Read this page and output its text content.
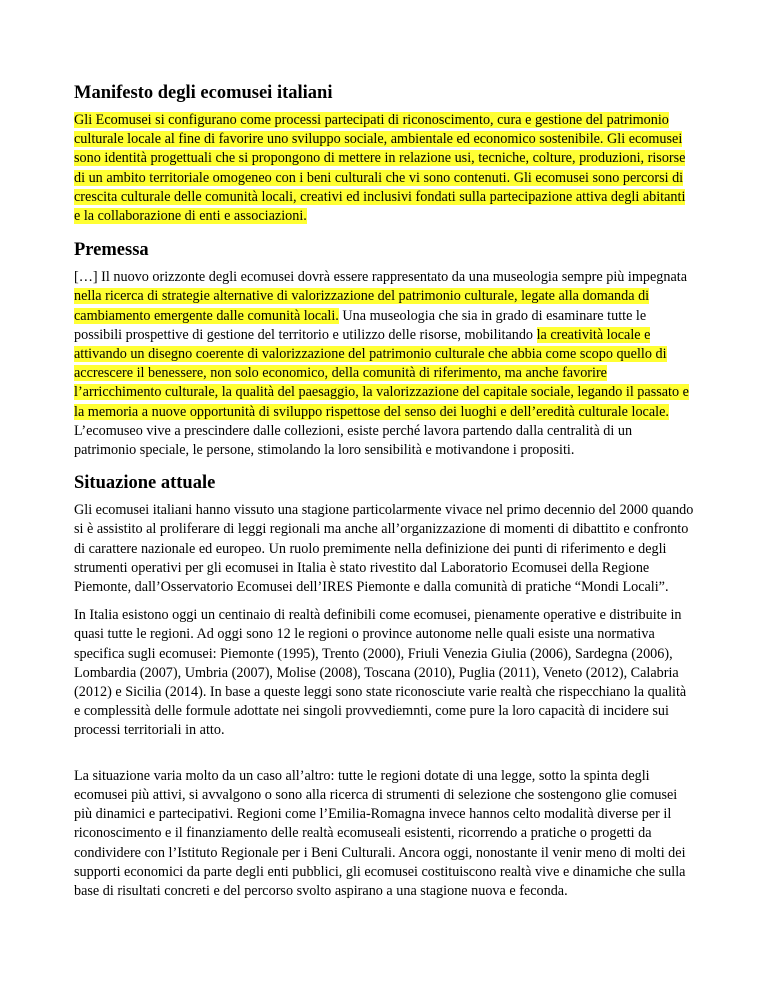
Manifesto degli ecomusei italiani

Gli Ecomusei si configurano come processi partecipati di riconoscimento, cura e gestione del patrimonio culturale locale al fine di favorire uno sviluppo sociale, ambientale ed economico sostenibile. Gli ecomusei sono identità progettuali che si propongono di mettere in relazione usi, tecniche, colture, produzioni, risorse di un ambito territoriale omogeneo con i beni culturali che vi sono contenuti. Gli ecomusei sono percorsi di crescita culturale delle comunità locali, creativi ed inclusivi fondati sulla partecipazione attiva degli abitanti e la collaborazione di enti e associazioni.

Premessa

[…] Il nuovo orizzonte degli ecomusei dovrà essere rappresentato da una museologia sempre più impegnata nella ricerca di strategie alternative di valorizzazione del patrimonio culturale, legate alla domanda di cambiamento emergente dalle comunità locali. Una museologia che sia in grado di esaminare tutte le possibili prospettive di gestione del territorio e utilizzo delle risorse, mobilitando la creatività locale e attivando un disegno coerente di valorizzazione del patrimonio culturale che abbia come scopo quello di accrescere il benessere, non solo economico, della comunità di riferimento, ma anche favorire l’arricchimento culturale, la qualità del paesaggio, la valorizzazione del capitale sociale, legando il passato e la memoria a nuove opportunità di sviluppo rispettose del senso dei luoghi e dell’eredità culturale locale. L’ecomuseo vive a prescindere dalle collezioni, esiste perché lavora partendo dalla centralità di un patrimonio speciale, le persone, stimolando la loro sensibilità e motivandone i propositi.

Situazione attuale

Gli ecomusei italiani hanno vissuto una stagione particolarmente vivace nel primo decennio del 2000 quando si è assistito al proliferare di leggi regionali ma anche all’organizzazione di momenti di dibattito e confronto di carattere nazionale ed europeo. Un ruolo premimente nella definizione dei punti di riferimento e degli strumenti operativi per gli ecomusei in Italia è stato rivestito dal Laboratorio Ecomusei della Regione Piemonte, dall’Osservatorio Ecomusei dell’IRES Piemonte e dalla comunità di pratiche “Mondi Locali”.

In Italia esistono oggi un centinaio di realtà definibili come ecomusei, pienamente operative e distribuite in quasi tutte le regioni. Ad oggi sono 12 le regioni o province autonome nelle quali esiste una normativa specifica sugli ecomusei: Piemonte (1995), Trento (2000), Friuli Venezia Giulia (2006), Sardegna (2006), Lombardia (2007), Umbria (2007), Molise (2008), Toscana (2010), Puglia (2011), Veneto (2012), Calabria (2012) e Sicilia (2014). In base a queste leggi sono state riconosciute varie realtà che rispecchiano la qualità e complessità delle formule adottate nei singoli provvediemnti, come pure la loro capacità di incidere sui processi territoriali in atto.

La situazione varia molto da un caso all’altro: tutte le regioni dotate di una legge, sotto la spinta degli ecomusei più attivi, si avvalgono o sono alla ricerca di strumenti di selezione che sostengono glie comusei più dinamici e partecipativi. Regioni come l’Emilia-Romagna invece hannos celto modalità diverse per il riconoscimento e il finanziamento delle realtà ecomuseali esistenti, ricorrendo a pratiche o progetti da condividere con l’Istituto Regionale per i Beni Culturali. Ancora oggi, nonostante il venir meno di molti dei supporti economici da parte degli enti pubblici, gli ecomusei costituiscono realtà vive e dinamiche che sulla base di risultati concreti e del percorso svolto aspirano a una stagione nuova e feconda.
